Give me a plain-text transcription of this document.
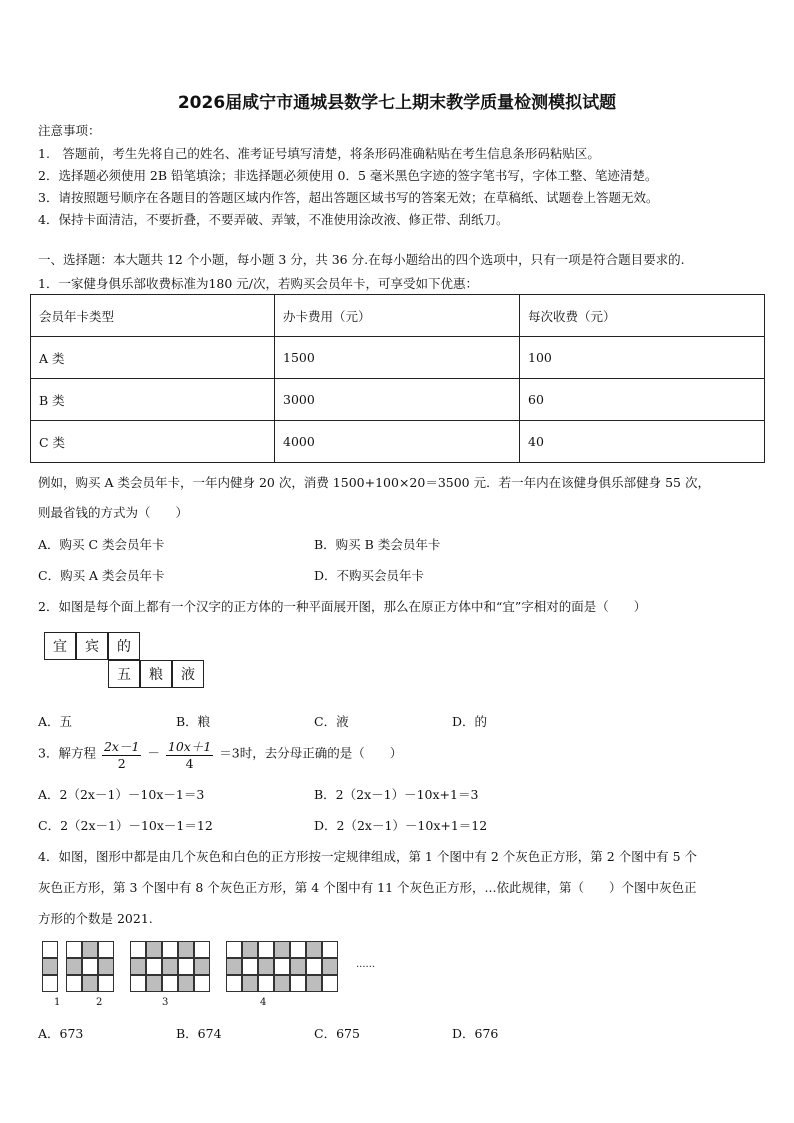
2026届咸宁市通城县数学七上期末教学质量检测模拟试题
注意事项：
1.　答题前，考生先将自己的姓名、准考证号填写清楚，将条形码准确粘贴在考生信息条形码粘贴区。
2．选择题必须使用 2B 铅笔填涂；非选择题必须使用 0．5 毫米黑色字迹的签字笔书写，字体工整、笔迹清楚。
3．请按照题号顺序在各题目的答题区域内作答，超出答题区域书写的答案无效；在草稿纸、试题卷上答题无效。
4．保持卡面清洁，不要折叠，不要弄破、弄皱，不准使用涂改液、修正带、刮纸刀。
一、选择题：本大题共 12 个小题，每小题 3 分，共 36 分.在每小题给出的四个选项中，只有一项是符合题目要求的.
1．一家健身俱乐部收费标准为180 元/次，若购买会员年卡，可享受如下优惠：
会员年卡类型	办卡费用（元）	每次收费（元）
A 类	1500	100
B 类	3000	60
C 类	4000	40
例如，购买 A 类会员年卡，一年内健身 20 次，消费 1500+100×20＝3500 元．若一年内在该健身俱乐部健身 55 次，
则最省钱的方式为（　　）
A．购买 C 类会员年卡	B．购买 B 类会员年卡
C．购买 A 类会员年卡	D．不购买会员年卡
2．如图是每个面上都有一个汉字的正方体的一种平面展开图，那么在原正方体中和“宜”字相对的面是（　　）
宜	宾	的
五	粮	液
A．五	B．粮	C．液	D．的
3．解方程 $\frac{2x-1}{2} - \frac{10x+1}{4} =3$时，去分母正确的是（　　）
A．2（2x－1）－10x－1＝3	B．2（2x－1）－10x+1＝3
C．2（2x－1）－10x－1＝12	D．2（2x－1）－10x+1＝12
4．如图，图形中都是由几个灰色和白色的正方形按一定规律组成，第 1 个图中有 2 个灰色正方形，第 2 个图中有 5 个
灰色正方形，第 3 个图中有 8 个灰色正方形，第 4 个图中有 11 个灰色正方形，...依此规律，第（　　）个图中灰色正
方形的个数是 2021.
1	2	3	4
......
A．673	B．674	C．675	D．676
